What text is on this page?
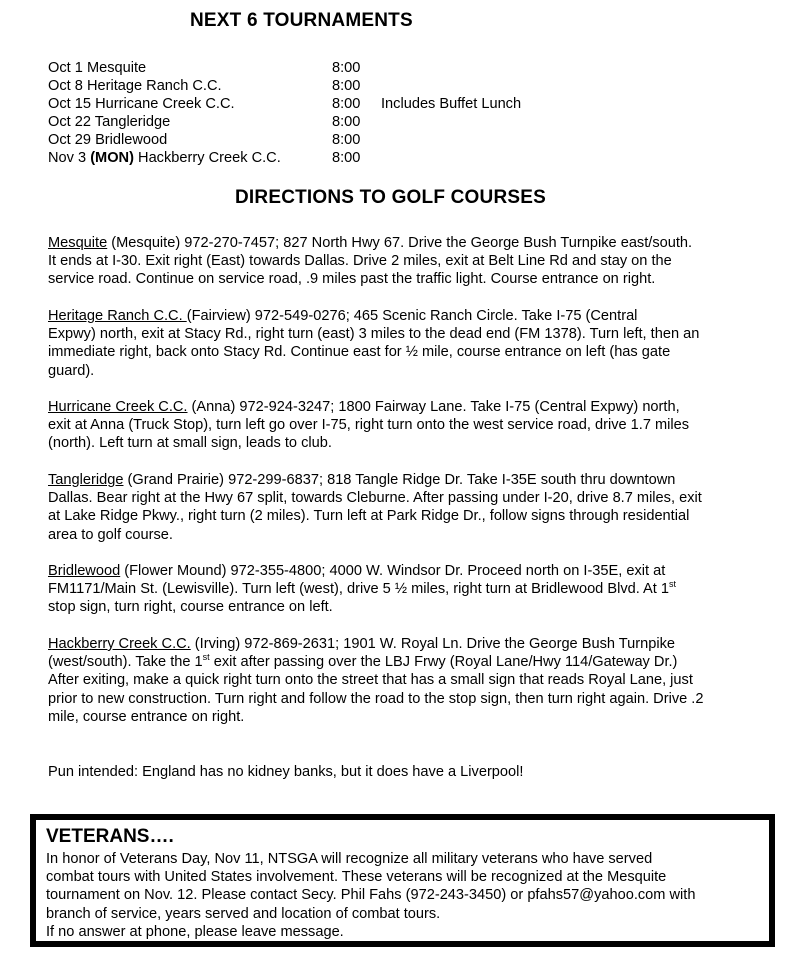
NEXT 6 TOURNAMENTS
Oct 1 Mesquite	8:00
Oct 8 Heritage Ranch C.C.	8:00
Oct 15 Hurricane Creek C.C.	8:00 Includes Buffet Lunch
Oct 22 Tangleridge	8:00
Oct 29 Bridlewood	8:00
Nov 3 (MON) Hackberry Creek C.C.	8:00
DIRECTIONS TO GOLF COURSES
Mesquite (Mesquite) 972-270-7457; 827 North Hwy 67. Drive the George Bush Turnpike east/south.
It ends at I-30. Exit right (East) towards Dallas. Drive 2 miles, exit at Belt Line Rd and stay on the
service road. Continue on service road, .9 miles past the traffic light. Course entrance on right.
Heritage Ranch C.C. (Fairview) 972-549-0276; 465 Scenic Ranch Circle. Take I-75 (Central
Expwy) north, exit at Stacy Rd., right turn (east) 3 miles to the dead end (FM 1378). Turn left, then an
immediate right, back onto Stacy Rd. Continue east for ½ mile, course entrance on left (has gate
guard).
Hurricane Creek C.C. (Anna) 972-924-3247; 1800 Fairway Lane. Take I-75 (Central Expwy) north,
exit at Anna (Truck Stop), turn left go over I-75, right turn onto the west service road, drive 1.7 miles
(north). Left turn at small sign, leads to club.
Tangleridge (Grand Prairie) 972-299-6837; 818 Tangle Ridge Dr. Take I-35E south thru downtown
Dallas. Bear right at the Hwy 67 split, towards Cleburne. After passing under I-20, drive 8.7 miles, exit
at Lake Ridge Pkwy., right turn (2 miles). Turn left at Park Ridge Dr., follow signs through residential
area to golf course.
Bridlewood (Flower Mound) 972-355-4800; 4000 W. Windsor Dr. Proceed north on I-35E, exit at
FM1171/Main St. (Lewisville). Turn left (west), drive 5 ½ miles, right turn at Bridlewood Blvd. At 1st
stop sign, turn right, course entrance on left.
Hackberry Creek C.C. (Irving) 972-869-2631; 1901 W. Royal Ln. Drive the George Bush Turnpike
(west/south). Take the 1st exit after passing over the LBJ Frwy (Royal Lane/Hwy 114/Gateway Dr.)
After exiting, make a quick right turn onto the street that has a small sign that reads Royal Lane, just
prior to new construction. Turn right and follow the road to the stop sign, then turn right again. Drive .2
mile, course entrance on right.
Pun intended: England has no kidney banks, but it does have a Liverpool!
VETERANS….
In honor of Veterans Day, Nov 11, NTSGA will recognize all military veterans who have served
combat tours with United States involvement. These veterans will be recognized at the Mesquite
tournament on Nov. 12. Please contact Secy. Phil Fahs (972-243-3450) or pfahs57@yahoo.com with
branch of service, years served and location of combat tours.
If no answer at phone, please leave message.
